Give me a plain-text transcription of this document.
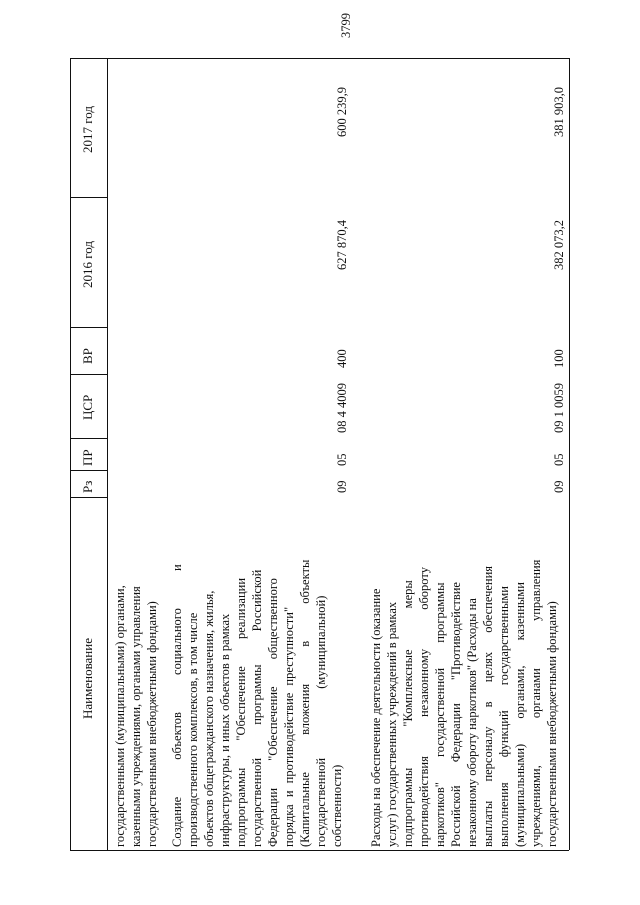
3799
Наименование
Рз
ПР
ЦСР
ВР
2016 год
2017 год
государственными (муниципальными) органами, казенными учреждениями, органами управления государственными внебюджетными фондами) Создание объектов социального и производственного комплексов, в том числе объектов общегражданского назначения, жилья, инфраструктуры, и иных объектов в рамках подпрограммы "Обеспечение реализации государственной программы Российской Федерации "Обеспечение общественного порядка и противодействие преступности" (Капитальные вложения в объекты государственной (муниципальной) собственности)
09
05
08 4 4009
400
627 870,4
600 239,9
Расходы на обеспечение деятельности (оказание услуг) государственных учреждений в рамках подпрограммы "Комплексные меры противодействия незаконному обороту наркотиков" государственной программы Российской Федерации "Противодействие незаконному обороту наркотиков" (Расходы на выплаты персоналу в целях обеспечения выполнения функций государственными (муниципальными) органами, казенными учреждениями, органами управления государственными внебюджетными фондами)
09
05
09 1 0059
100
382 073,2
381 903,0
